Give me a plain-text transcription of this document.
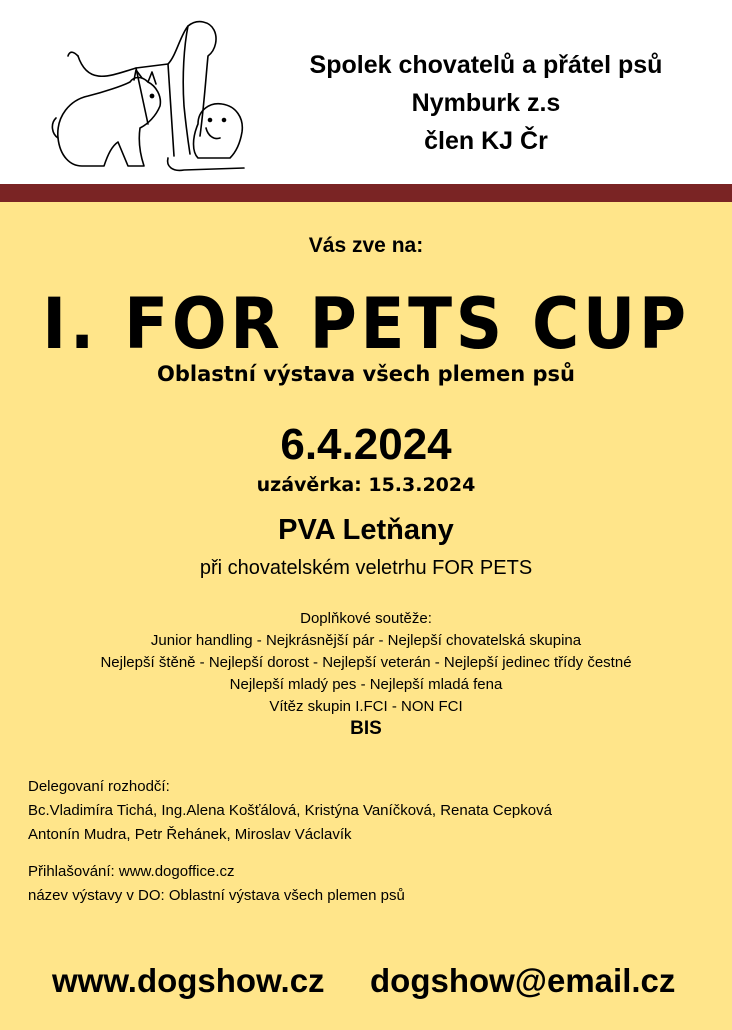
Spolek chovatelů a přátel psů
Nymburk z.s
člen KJ Čr
Vás zve na:
I. FOR PETS CUP
Oblastní výstava všech plemen psů
6.4.2024
uzávěrka: 15.3.2024
PVA Letňany
při chovatelském veletrhu FOR PETS
Doplňkové soutěže:
Junior handling - Nejkrásnější pár - Nejlepší chovatelská skupina
Nejlepší štěně - Nejlepší dorost - Nejlepší veterán - Nejlepší jedinec třídy čestné
Nejlepší mladý pes - Nejlepší mladá fena
Vítěz skupin I.FCI - NON FCI
BIS
Delegovaní rozhodčí:
Bc.Vladimíra Tichá, Ing.Alena Košťálová, Kristýna Vaníčková, Renata Cepková
Antonín Mudra, Petr Řehánek, Miroslav Václavík
Přihlašování: www.dogoffice.cz
název výstavy v DO: Oblastní výstava všech plemen psů
www.dogshow.cz dogshow@email.cz
